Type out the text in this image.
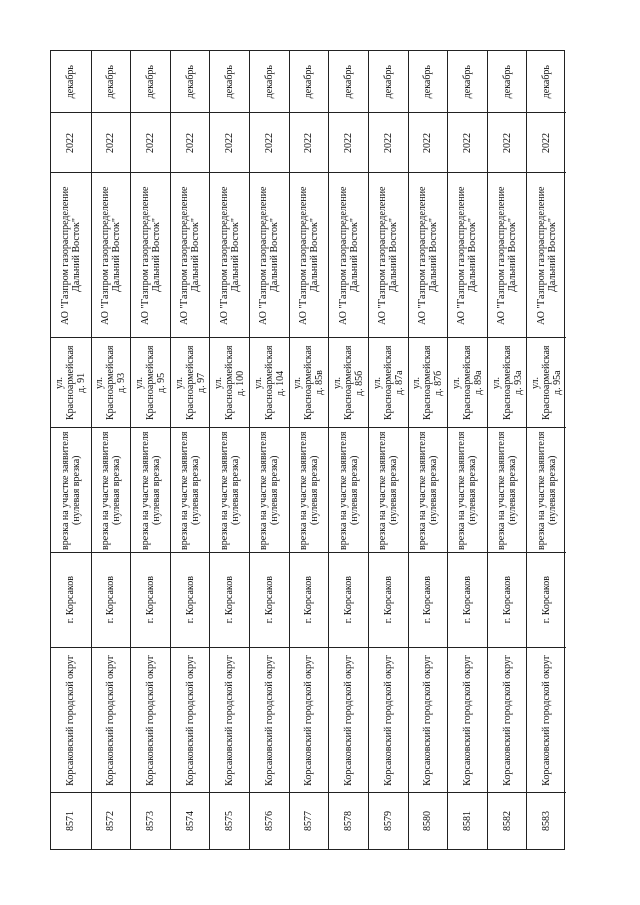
декабрь
2022
АО "Газпром газораспределение Дальний Восток"
ул. Красноармейская д. 91
врезка на участке заявителя (нулевая врезка)
г. Корсаков
Корсаковский городской округ
8571
декабрь
2022
АО "Газпром газораспределение Дальний Восток"
ул. Красноармейская д. 93
врезка на участке заявителя (нулевая врезка)
г. Корсаков
Корсаковский городской округ
8572
декабрь
2022
АО "Газпром газораспределение Дальний Восток"
ул. Красноармейская д. 95
врезка на участке заявителя (нулевая врезка)
г. Корсаков
Корсаковский городской округ
8573
декабрь
2022
АО "Газпром газораспределение Дальний Восток"
ул. Красноармейская д. 97
врезка на участке заявителя (нулевая врезка)
г. Корсаков
Корсаковский городской округ
8574
декабрь
2022
АО "Газпром газораспределение Дальний Восток"
ул. Красноармейская д. 100
врезка на участке заявителя (нулевая врезка)
г. Корсаков
Корсаковский городской округ
8575
декабрь
2022
АО "Газпром газораспределение Дальний Восток"
ул. Красноармейская д. 104
врезка на участке заявителя (нулевая врезка)
г. Корсаков
Корсаковский городской округ
8576
декабрь
2022
АО "Газпром газораспределение Дальний Восток"
ул. Красноармейская д. 85в
врезка на участке заявителя (нулевая врезка)
г. Корсаков
Корсаковский городской округ
8577
декабрь
2022
АО "Газпром газораспределение Дальний Восток"
ул. Красноармейская д. 85б
врезка на участке заявителя (нулевая врезка)
г. Корсаков
Корсаковский городской округ
8578
декабрь
2022
АО "Газпром газораспределение Дальний Восток"
ул. Красноармейская д. 87а
врезка на участке заявителя (нулевая врезка)
г. Корсаков
Корсаковский городской округ
8579
декабрь
2022
АО "Газпром газораспределение Дальний Восток"
ул. Красноармейская д. 87б
врезка на участке заявителя (нулевая врезка)
г. Корсаков
Корсаковский городской округ
8580
декабрь
2022
АО "Газпром газораспределение Дальний Восток"
ул. Красноармейская д. 89а
врезка на участке заявителя (нулевая врезка)
г. Корсаков
Корсаковский городской округ
8581
декабрь
2022
АО "Газпром газораспределение Дальний Восток"
ул. Красноармейская д. 93а
врезка на участке заявителя (нулевая врезка)
г. Корсаков
Корсаковский городской округ
8582
декабрь
2022
АО "Газпром газораспределение Дальний Восток"
ул. Красноармейская д. 95а
врезка на участке заявителя (нулевая врезка)
г. Корсаков
Корсаковский городской округ
8583
